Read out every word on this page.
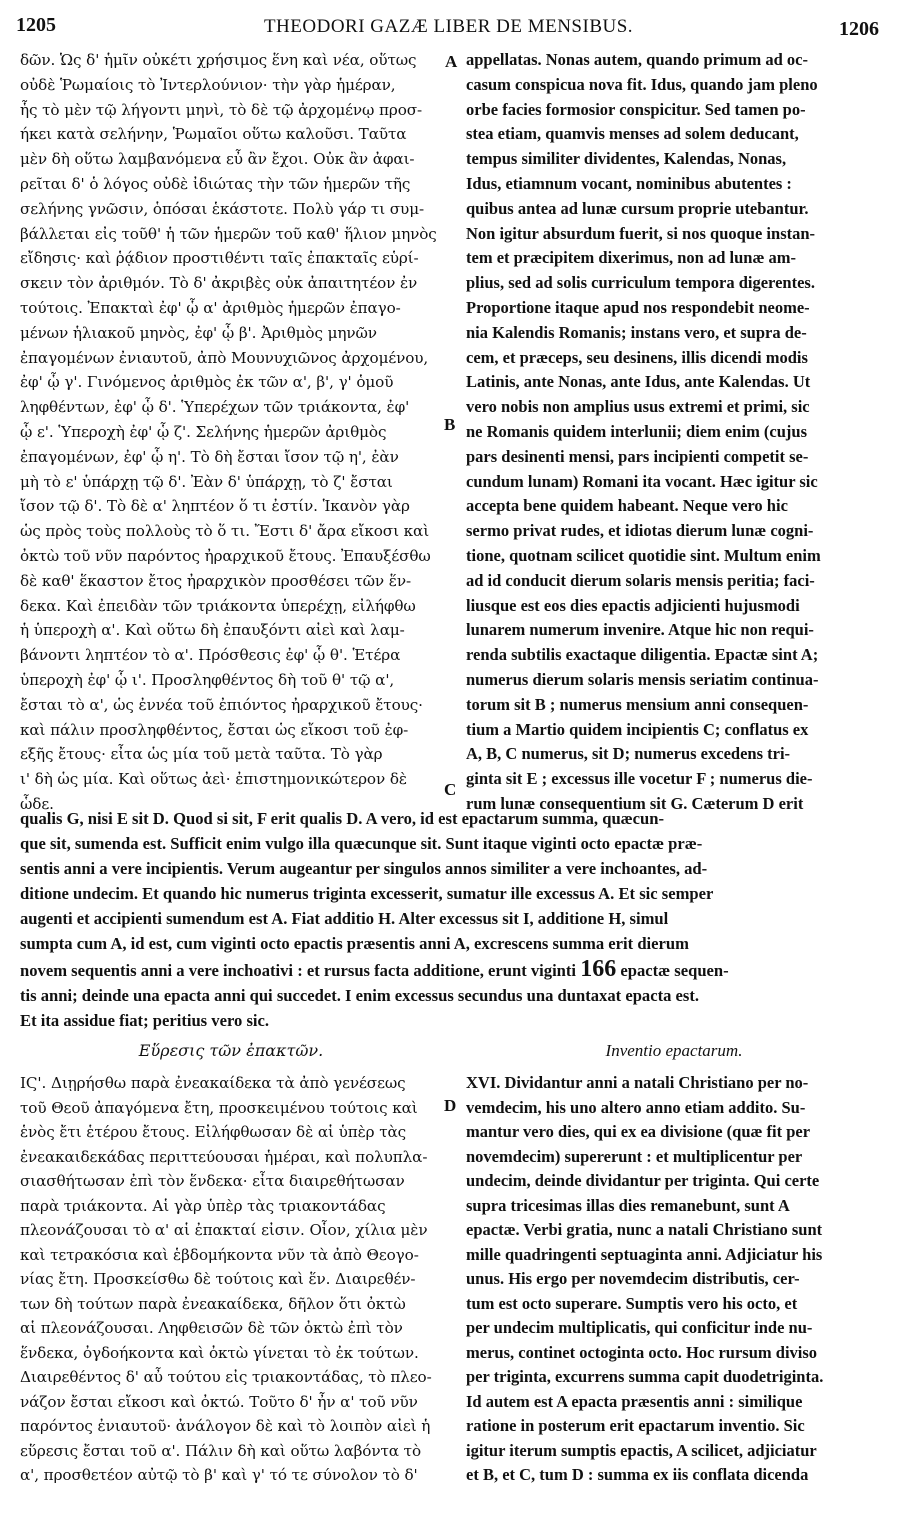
1205	THEODORI GAZÆ LIBER DE MENSIBUS.	1206
δῶν. Ὡς δ' ἡμῖν οὐκέτι χρήσιμος ἕνη καὶ νέα, οὕτως
οὐδὲ Ῥωμαίοις τὸ Ἰντερλούνιον· τὴν γὰρ ἡμέραν,
ἧς τὸ μὲν τῷ λήγοντι μηνὶ, τὸ δὲ τῷ ἀρχομένῳ προσ-
ήκει κατὰ σελήνην, Ῥωμαῖοι οὕτω καλοῦσι. Ταῦτα
μὲν δὴ οὕτω λαμβανόμενα εὖ ἂν ἔχοι. Οὐκ ἂν ἀφαι-
ρεῖται δ' ὁ λόγος οὐδὲ ἰδιώτας τὴν τῶν ἡμερῶν τῆς
σελήνης γνῶσιν, ὁπόσαι ἑκάστοτε. Πολὺ γάρ τι συμ-
βάλλεται εἰς τοῦθ' ἡ τῶν ἡμερῶν τοῦ καθ' ἥλιον μηνὸς
εἴδησις· καὶ ῥᾴδιον προστιθέντι ταῖς ἐπακταῖς εὑρί-
σκειν τὸν ἀριθμόν. Τὸ δ' ἀκριβὲς οὐκ ἀπαιτητέον ἐν
τούτοις. Ἐπακταὶ ἐφ' ᾧ α' ἀριθμὸς ἡμερῶν ἐπαγο-
μένων ἡλιακοῦ μηνὸς, ἐφ' ᾧ β'. Ἀριθμὸς μηνῶν
ἐπαγομένων ἐνιαυτοῦ, ἀπὸ Μουνυχιῶνος ἀρχομένου,
ἐφ' ᾧ γ'. Γινόμενος ἀριθμὸς ἐκ τῶν α', β', γ' ὁμοῦ
ληφθέντων, ἐφ' ᾧ δ'. Ὑπερέχων τῶν τριάκοντα, ἐφ'
ᾧ ε'. Ὑπεροχὴ ἐφ' ᾧ ζ'. Σελήνης ἡμερῶν ἀριθμὸς
ἐπαγομένων, ἐφ' ᾧ η'. Τὸ δὴ ἔσται ἴσον τῷ η', ἐὰν
μὴ τὸ ε' ὑπάρχῃ τῷ δ'. Ἐὰν δ' ὑπάρχῃ, τὸ ζ' ἔσται
ἴσον τῷ δ'. Τὸ δὲ α' ληπτέον ὅ τι ἐστίν. Ἱκανὸν γὰρ
ὡς πρὸς τοὺς πολλοὺς τὸ ὅ τι. Ἔστι δ' ἄρα εἴκοσι καὶ
ὀκτὼ τοῦ νῦν παρόντος ἠραρχικοῦ ἔτους. Ἐπαυξέσθω
δὲ καθ' ἕκαστον ἔτος ἠραρχικὸν προσθέσει τῶν ἕν-
δεκα. Καὶ ἐπειδὰν τῶν τριάκοντα ὑπερέχῃ, εἰλήφθω
ἡ ὑπεροχὴ α'. Καὶ οὕτω δὴ ἐπαυξόντι αἰεὶ καὶ λαμ-
βάνοντι ληπτέον τὸ α'. Πρόσθεσις ἐφ' ᾧ θ'. Ἑτέρα
ὑπεροχὴ ἐφ' ᾧ ι'. Προσληφθέντος δὴ τοῦ θ' τῷ α',
ἔσται τὸ α', ὡς ἐννέα τοῦ ἐπιόντος ἠραρχικοῦ ἔτους·
καὶ πάλιν προσληφθέντος, ἔσται ὡς εἴκοσι τοῦ ἐφ-
εξῆς ἔτους· εἶτα ὡς μία τοῦ μετὰ ταῦτα. Τὸ γὰρ
ι' δὴ ὡς μία. Καὶ οὕτως ἀεὶ· ἐπιστημονικώτερον δὲ
ὧδε.
appellatas. Nonas autem, quando primum ad oc-
casum conspicua nova fit. Idus, quando jam pleno
orbe facies formosior conspicitur. Sed tamen po-
stea etiam, quamvis menses ad solem deducant,
tempus similiter dividentes, Kalendas, Nonas,
Idus, etiamnum vocant, nominibus abutentes :
quibus antea ad lunæ cursum proprie utebantur.
Non igitur absurdum fuerit, si nos quoque instan-
tem et præcipitem dixerimus, non ad lunæ am-
plius, sed ad solis curriculum tempora digerentes.
Proportione itaque apud nos respondebit neome-
nia Kalendis Romanis; instans vero, et supra de-
cem, et præceps, seu desinens, illis dicendi modis
Latinis, ante Nonas, ante Idus, ante Kalendas. Ut
vero nobis non amplius usus extremi et primi, sic
ne Romanis quidem interlunii; diem enim (cujus
pars desinenti mensi, pars incipienti competit se-
cundum lunam) Romani ita vocant. Hæc igitur sic
accepta bene quidem habeant. Neque vero hic
sermo privat rudes, et idiotas dierum lunæ cogni-
tione, quotnam scilicet quotidie sint. Multum enim
ad id conducit dierum solaris mensis peritia; faci-
liusque est eos dies epactis adjicienti hujusmodi
lunarem numerum invenire. Atque hic non requi-
renda subtilis exactaque diligentia. Epactæ sint A;
numerus dierum solaris mensis seriatim continua-
torum sit B ; numerus mensium anni consequen-
tium a Martio quidem incipientis C; conflatus ex
A, B, C numerus, sit D; numerus excedens tri-
ginta sit E ; excessus ille vocetur F ; numerus die-
rum lunæ consequentium sit G. Cæterum D erit
A
B
C
qualis G, nisi E sit D. Quod si sit, F erit qualis D. A vero, id est epactarum summa, quæcun-
que sit, sumenda est. Sufficit enim vulgo illa quæcunque sit. Sunt itaque viginti octo epactæ præ-
sentis anni a vere incipientis. Verum augeantur per singulos annos similiter a vere inchoantes, ad-
ditione undecim. Et quando hic numerus triginta excesserit, sumatur ille excessus A. Et sic semper
augenti et accipienti sumendum est A. Fiat additio H. Alter excessus sit I, additione H, simul
sumpta cum A, id est, cum viginti octo epactis præsentis anni A, excrescens summa erit dierum
novem sequentis anni a vere inchoativi : et rursus facta additione, erunt viginti 166 epactæ sequen-
tis anni; deinde una epacta anni qui succedet. I enim excessus secundus una duntaxat epacta est.
Et ita assidue fiat; peritius vero sic.
Εὕρεσις τῶν ἐπακτῶν.	Inventio epactarum.
ΙϚ'. Διῃρήσθω παρὰ ἐνεακαίδεκα τὰ ἀπὸ γενέσεως
τοῦ Θεοῦ ἀπαγόμενα ἔτη, προσκειμένου τούτοις καὶ
ἑνὸς ἔτι ἑτέρου ἔτους. Εἰλήφθωσαν δὲ αἱ ὑπὲρ τὰς
ἐνεακαιδεκάδας περιττεύουσαι ἡμέραι, καὶ πολυπλα-
σιασθήτωσαν ἐπὶ τὸν ἕνδεκα· εἶτα διαιρεθήτωσαν
παρὰ τριάκοντα. Αἱ γὰρ ὑπὲρ τὰς τριακοντάδας
πλεονάζουσαι τὸ α' αἱ ἐπακταί εἰσιν. Οἷον, χίλια μὲν
καὶ τετρακόσια καὶ ἑβδομήκοντα νῦν τὰ ἀπὸ Θεογο-
νίας ἔτη. Προσκείσθω δὲ τούτοις καὶ ἕν. Διαιρεθέν-
των δὴ τούτων παρὰ ἐνεακαίδεκα, δῆλον ὅτι ὀκτὼ
αἱ πλεονάζουσαι. Ληφθεισῶν δὲ τῶν ὀκτὼ ἐπὶ τὸν
ἕνδεκα, ὀγδοήκοντα καὶ ὀκτὼ γίνεται τὸ ἐκ τούτων.
Διαιρεθέντος δ' αὖ τούτου εἰς τριακοντάδας, τὸ πλεο-
νάζον ἔσται εἴκοσι καὶ ὀκτώ. Τοῦτο δ' ἦν α' τοῦ νῦν
παρόντος ἐνιαυτοῦ· ἀνάλογον δὲ καὶ τὸ λοιπὸν αἰεὶ ἡ
εὕρεσις ἔσται τοῦ α'. Πάλιν δὴ καὶ οὕτω λαβόντα τὸ
α', προσθετέον αὐτῷ τὸ β' καὶ γ' τό τε σύνολον τὸ δ'
XVI. Dividantur anni a natali Christiano per no-
vemdecim, his uno altero anno etiam addito. Su-
mantur vero dies, qui ex ea divisione (quæ fit per
novemdecim) supererunt : et multiplicentur per
undecim, deinde dividantur per triginta. Qui certe
supra tricesimas illas dies remanebunt, sunt A
epactæ. Verbi gratia, nunc a natali Christiano sunt
mille quadringenti septuaginta anni. Adjiciatur his
unus. His ergo per novemdecim distributis, cer-
tum est octo superare. Sumptis vero his octo, et
per undecim multiplicatis, qui conficitur inde nu-
merus, continet octoginta octo. Hoc rursum diviso
per triginta, excurrens summa capit duodetriginta.
Id autem est A epacta præsentis anni : similique
ratione in posterum erit epactarum inventio. Sic
igitur iterum sumptis epactis, A scilicet, adjiciatur
et B, et C, tum D : summa ex iis conflata dicenda
D
